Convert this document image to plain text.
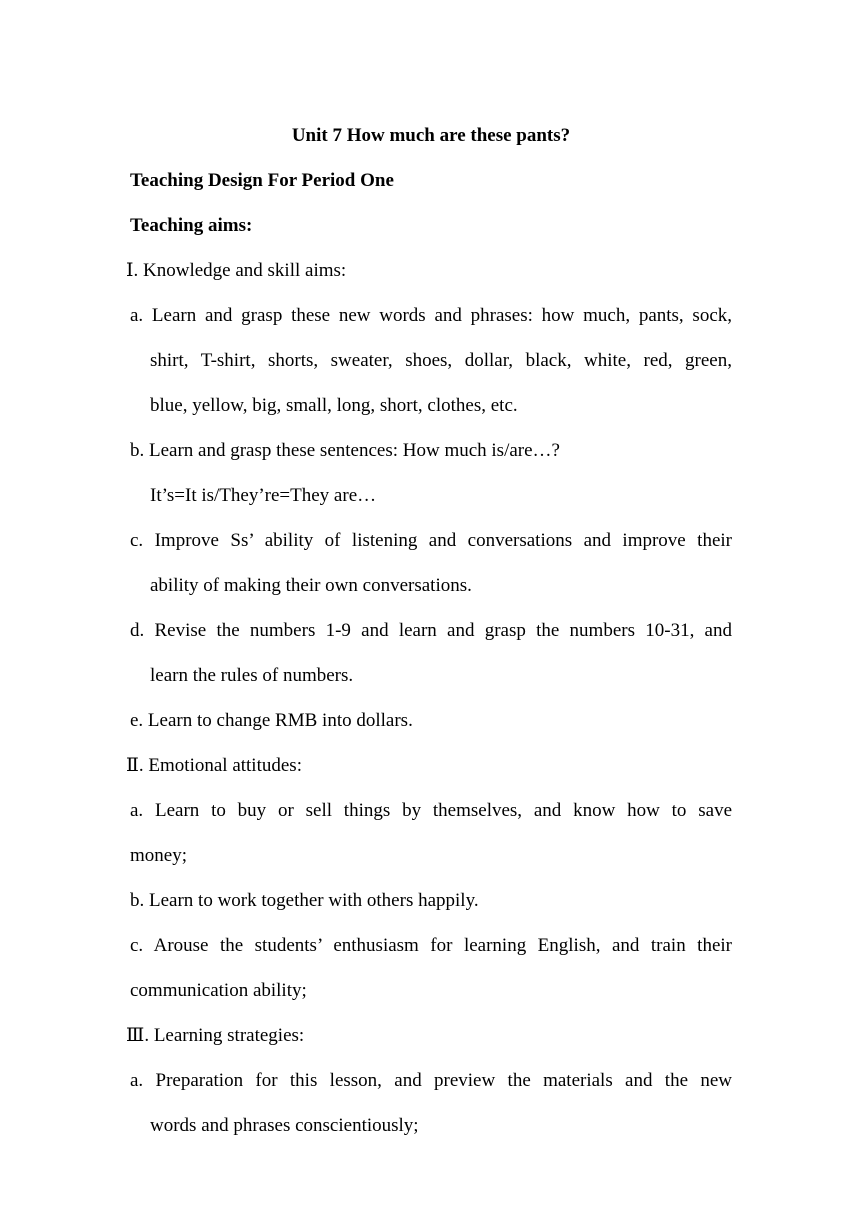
Unit 7 How much are these pants?
Teaching Design For Period One
Teaching aims:
Ⅰ. Knowledge and skill aims:
a. Learn and grasp these new words and phrases: how much, pants, sock,
shirt, T-shirt, shorts, sweater, shoes, dollar, black, white, red, green,
blue, yellow, big, small, long, short, clothes, etc.
b. Learn and grasp these sentences: How much is/are…?
It’s=It is/They’re=They are…
c. Improve Ss’ ability of listening and conversations and improve their
ability of making their own conversations.
d. Revise the numbers 1-9 and learn and grasp the numbers 10-31, and
learn the rules of numbers.
e. Learn to change RMB into dollars.
Ⅱ. Emotional attitudes:
a. Learn to buy or sell things by themselves, and know how to save
money;
b. Learn to work together with others happily.
c. Arouse the students’ enthusiasm for learning English, and train their
communication ability;
Ⅲ. Learning strategies:
a. Preparation for this lesson, and preview the materials and the new
words and phrases conscientiously;
